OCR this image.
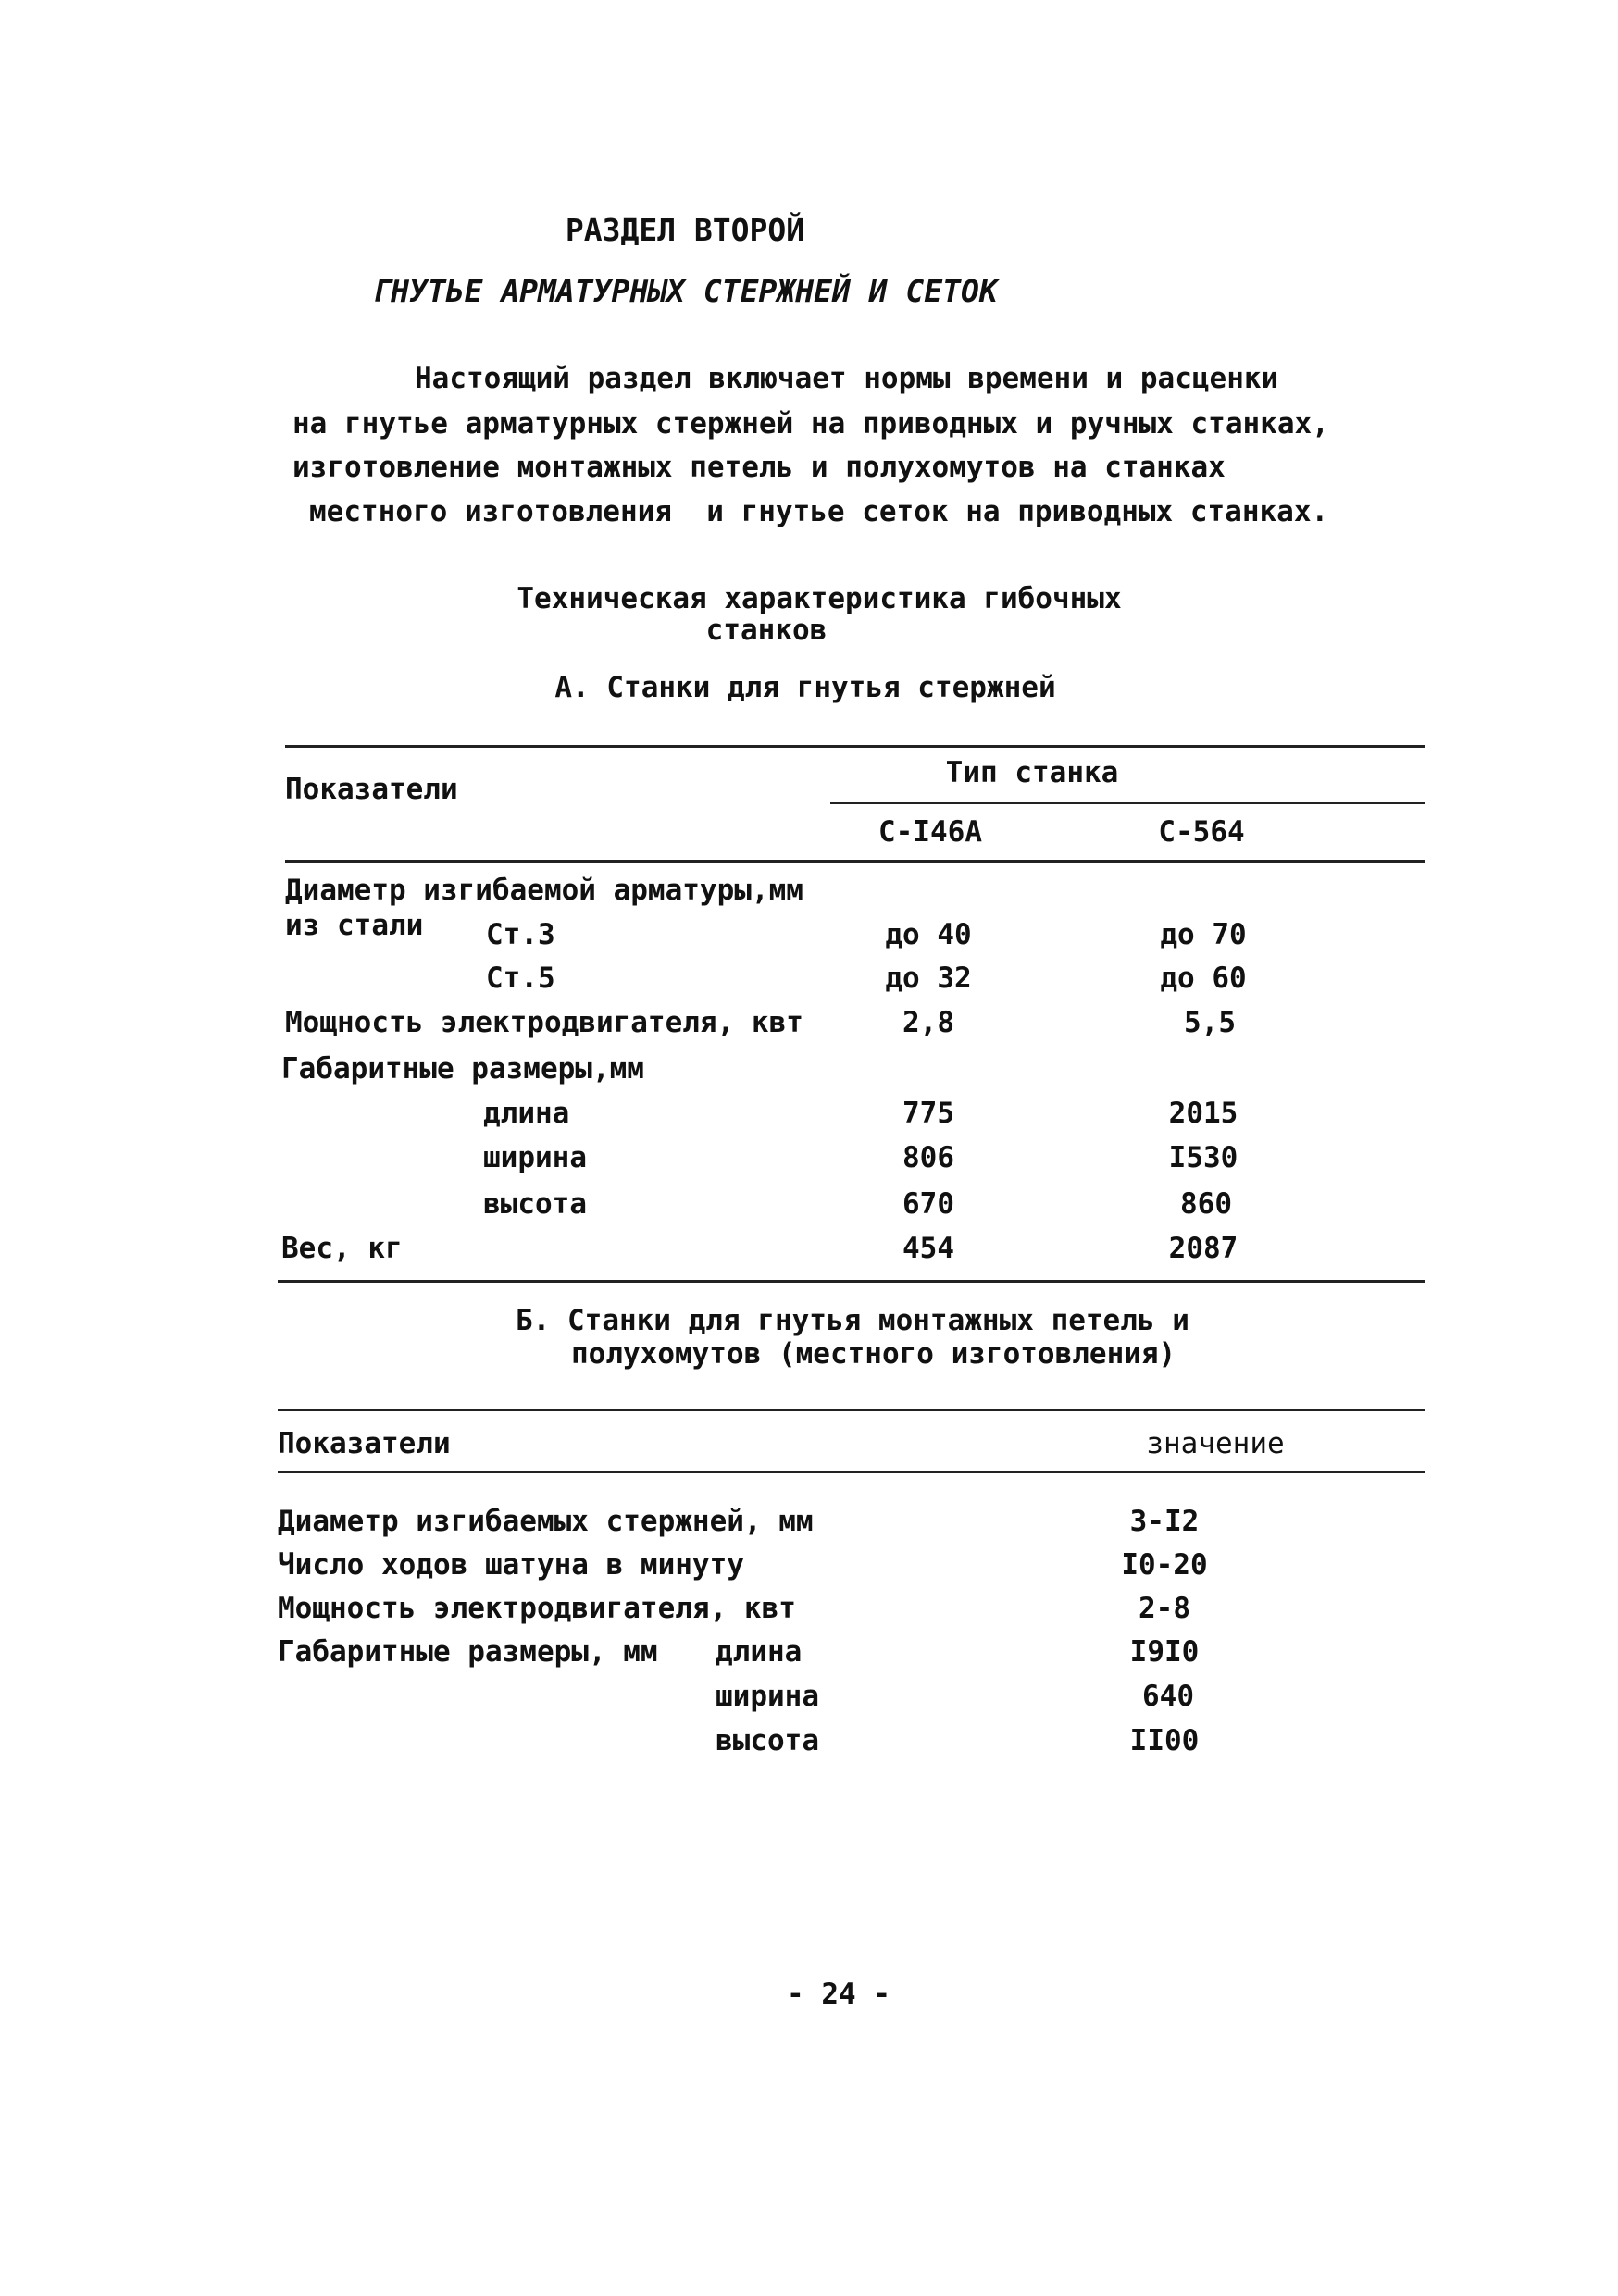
РАЗДЕЛ ВТОРОЙ
ГНУТЬЕ АРМАТУРНЫХ СТЕРЖНЕЙ И СЕТОК
Настоящий раздел включает нормы времени и расценки
на гнутье арматурных стержней на приводных и ручных станках,
изготовление монтажных петель и полухомутов на станках
местного изготовления  и гнутье сеток на приводных станках.
Техническая характеристика гибочных
станков
А. Станки для гнутья стержней
Показатели	Тип станка
С-I46А	С-564
Диаметр изгибаемой арматуры,мм
из стали Ст.3	до 40	до 70
Ст.5	до 32	до 60
Мощность электродвигателя, квт	2,8	5,5
Габаритные размеры,мм
длина	775	2015
ширина	806	I530
высота	670	860
Вес, кг	454	2087
Б. Станки для гнутья монтажных петель и
полухомутов (местного изготовления)
Показатели	значение
Диаметр изгибаемых стержней, мм	3-I2
Число ходов шатуна в минуту	I0-20
Мощность электродвигателя, квт	2-8
Габаритные размеры, мм длина	I9I0
ширина	640
высота	II00
- 24 -
